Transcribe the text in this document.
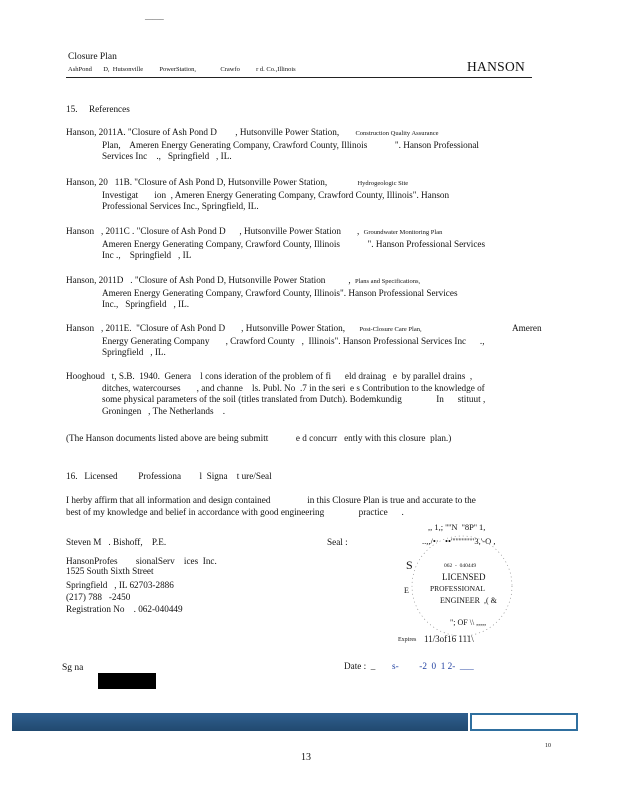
_____
Closure Plan
AshPond       D,  Hutsonville          PowerStation,               Crawfo          r d. Co.,Illinois	HANSON
15.     References
Hanson, 2011A. "Closure of Ash Pond D        , Hutsonville Power Station,	Construction Quality Assurance
Plan,    Ameren Energy Generating Company, Crawford County, Illinois            ". Hanson Professional
Services Inc    .,   Springfield   , IL.
Hanson, 20   11B. "Closure of Ash Pond D, Hutsonville Power Station,	Hydrogeologic Site
Investigat       ion  , Ameren Energy Generating Company, Crawford County, Illinois". Hanson
Professional Services Inc., Springfield, IL.
Hanson   , 2011C . "Closure of Ash Pond D      , Hutsonville Power Station       , Groundwater Monitoring Plan
Ameren Energy Generating Company, Crawford County, Illinois            ". Hanson Professional Services
Inc .,    Springfield   , IL
Hanson, 2011D   . "Closure of Ash Pond D, Hutsonville Power Station          , Plans and Specifications,
Ameren Energy Generating Company, Crawford County, Illinois". Hanson Professional Services
Inc.,   Springfield   , IL.
Hanson   , 2011E.  "Closure of Ash Pond D       , Hutsonville Power Station, Post-Closure Care Plan,	Ameren
Energy Generating Company       , Crawford County   ,  Illinois". Hanson Professional Services Inc      .,
Springfield   , IL.
Hooghoud   t, S.B.  1940.  Genera    l cons ideration of the problem of fi      eld drainag   e  by parallel drains  ,
ditches, watercourses       , and channe    ls. Publ. No  .7 in the seri  e s Contribution to the knowledge of
some physical parameters of the soil (titles translated from Dutch). Bodemkundig               In      stituut ,
Groningen   , The Netherlands    .
(The Hanson documents listed above are being submitt            e d concurr   ently with this closure  plan.)
16.   Licensed         Professiona        l  Signa    t ure/Seal
I herby affirm that all information and design contained                in this Closure Plan is true and accurate to the
best of my knowledge and belief in accordance with good engineering               practice      .
Steven M   . Bishoff,    P.E.	Seal :
HansonProfes        sionalServ    ices  Inc.
1525 South Sixth Street
Springfield   , IL 62703-2886
(217) 788   -2450
Registration No    . 062-040449
,, 1,; ''''N  ''8P'' 1,
..,,/•·   ••'''''''''''''"3,'-O ,
062  -  040449
S
LICENSED
E	PROFESSIONAL
ENGINEER  ,( &
"; OF \\ ,,,,,
Expires 11/3of16 111\
Sg na	Date :  _ s-         -2  0  1 2-  ___
10
13
